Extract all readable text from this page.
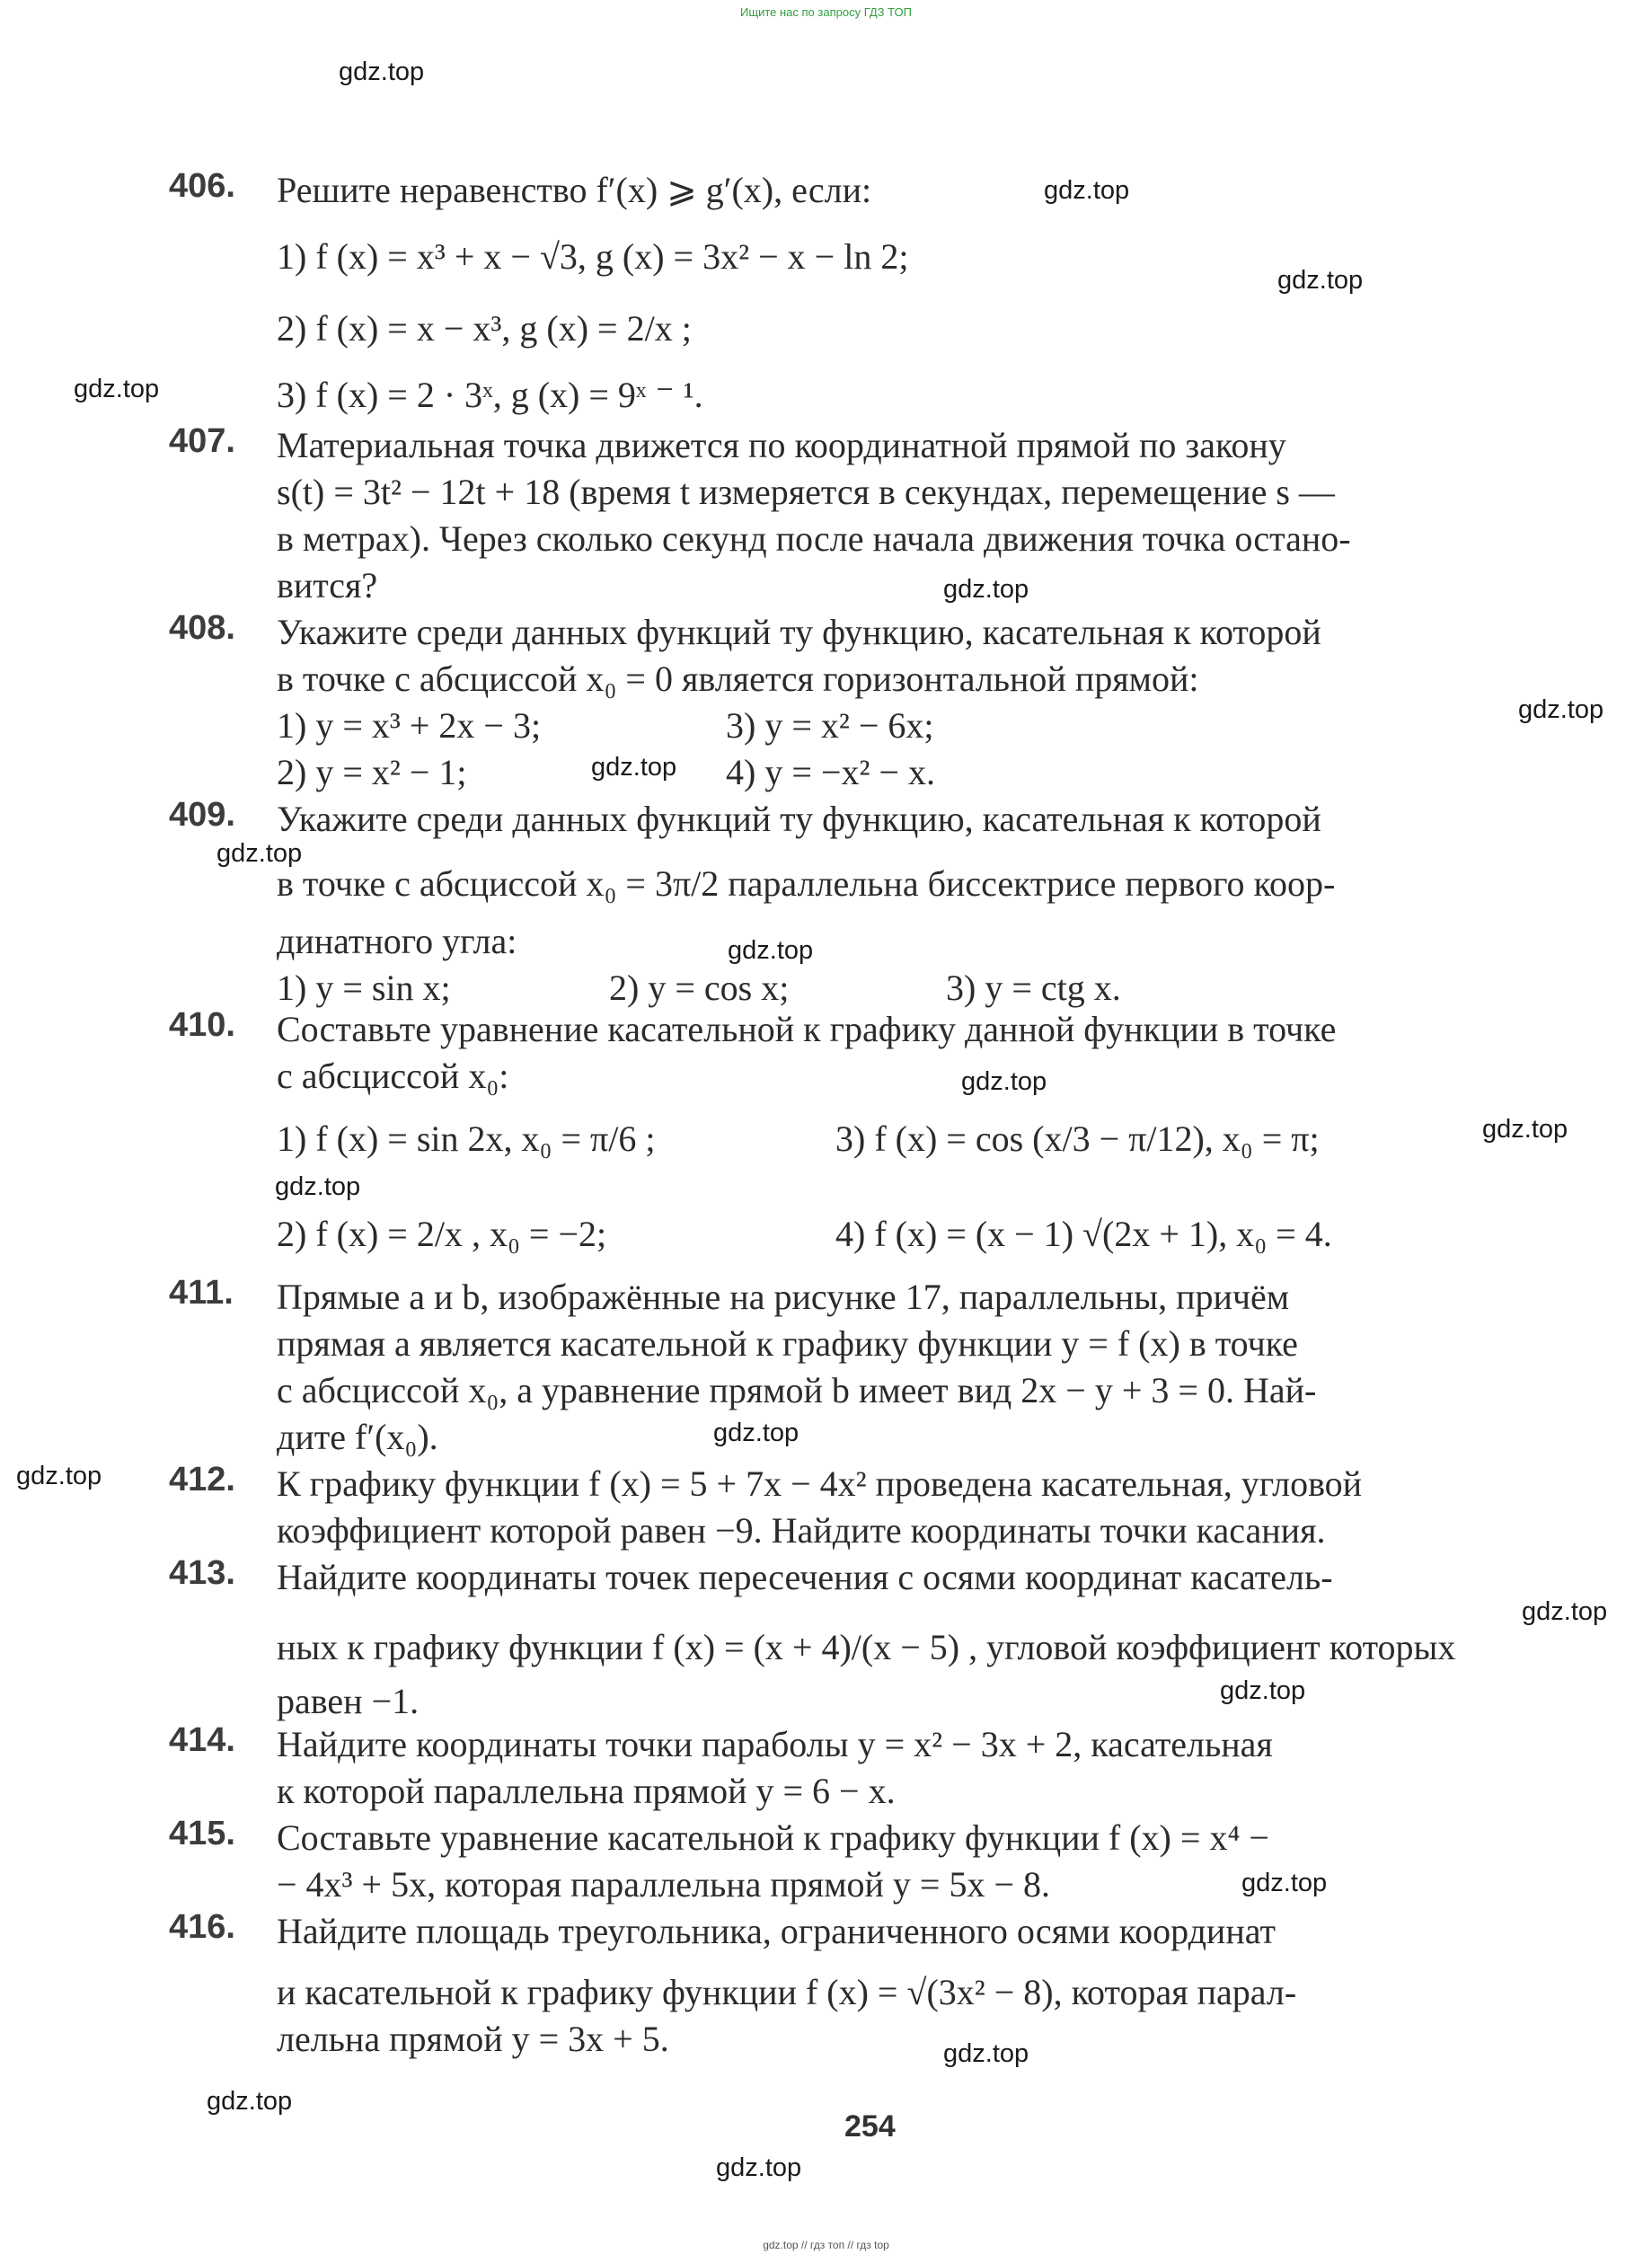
Ищите нас по запросу ГДЗ ТОП
gdz.top
gdz.top
gdz.top
gdz.top
gdz.top
gdz.top
gdz.top
gdz.top
gdz.top
gdz.top
gdz.top
gdz.top
gdz.top
gdz.top
gdz.top
gdz.top
gdz.top
gdz.top
gdz.top
gdz.top
406. Решите неравенство f′(x) ⩾ g′(x), если:
1) f (x) = x³ + x − √3, g (x) = 3x² − x − ln 2;
2) f (x) = x − x³, g (x) = 2/x ;
3) f (x) = 2 · 3ˣ, g (x) = 9ˣ ⁻ ¹.
407. Материальная точка движется по координатной прямой по закону
s(t) = 3t² − 12t + 18 (время t измеряется в секундах, перемещение s —
в метрах). Через сколько секунд после начала движения точка остано-
вится?
408. Укажите среди данных функций ту функцию, касательная к которой
в точке с абсциссой x₀ = 0 является горизонтальной прямой:
1) y = x³ + 2x − 3;	3) y = x² − 6x;
2) y = x² − 1;	4) y = −x² − x.
409. Укажите среди данных функций ту функцию, касательная к которой
в точке с абсциссой x₀ = 3π/2 параллельна биссектрисе первого коор-
динатного угла:
1) y = sin x;	2) y = cos x;	3) y = ctg x.
410. Составьте уравнение касательной к графику данной функции в точке
с абсциссой x₀:
1) f (x) = sin 2x, x₀ = π/6 ;	3) f (x) = cos (x/3 − π/12), x₀ = π;
2) f (x) = 2/x , x₀ = −2;	4) f (x) = (x − 1) √(2x + 1), x₀ = 4.
411. Прямые a и b, изображённые на рисунке 17, параллельны, причём
прямая a является касательной к графику функции y = f (x) в точке
с абсциссой x₀, а уравнение прямой b имеет вид 2x − y + 3 = 0. Най-
дите f′(x₀).
412. К графику функции f (x) = 5 + 7x − 4x² проведена касательная, угловой
коэффициент которой равен −9. Найдите координаты точки касания.
413. Найдите координаты точек пересечения с осями координат касатель-
ных к графику функции f (x) = (x + 4)/(x − 5) , угловой коэффициент которых
равен −1.
414. Найдите координаты точки параболы y = x² − 3x + 2, касательная
к которой параллельна прямой y = 6 − x.
415. Составьте уравнение касательной к графику функции f (x) = x⁴ −
− 4x³ + 5x, которая параллельна прямой y = 5x − 8.
416. Найдите площадь треугольника, ограниченного осями координат
и касательной к графику функции f (x) = √(3x² − 8), которая парал-
лельна прямой y = 3x + 5.
254
gdz.top // гдз топ // гдз top
